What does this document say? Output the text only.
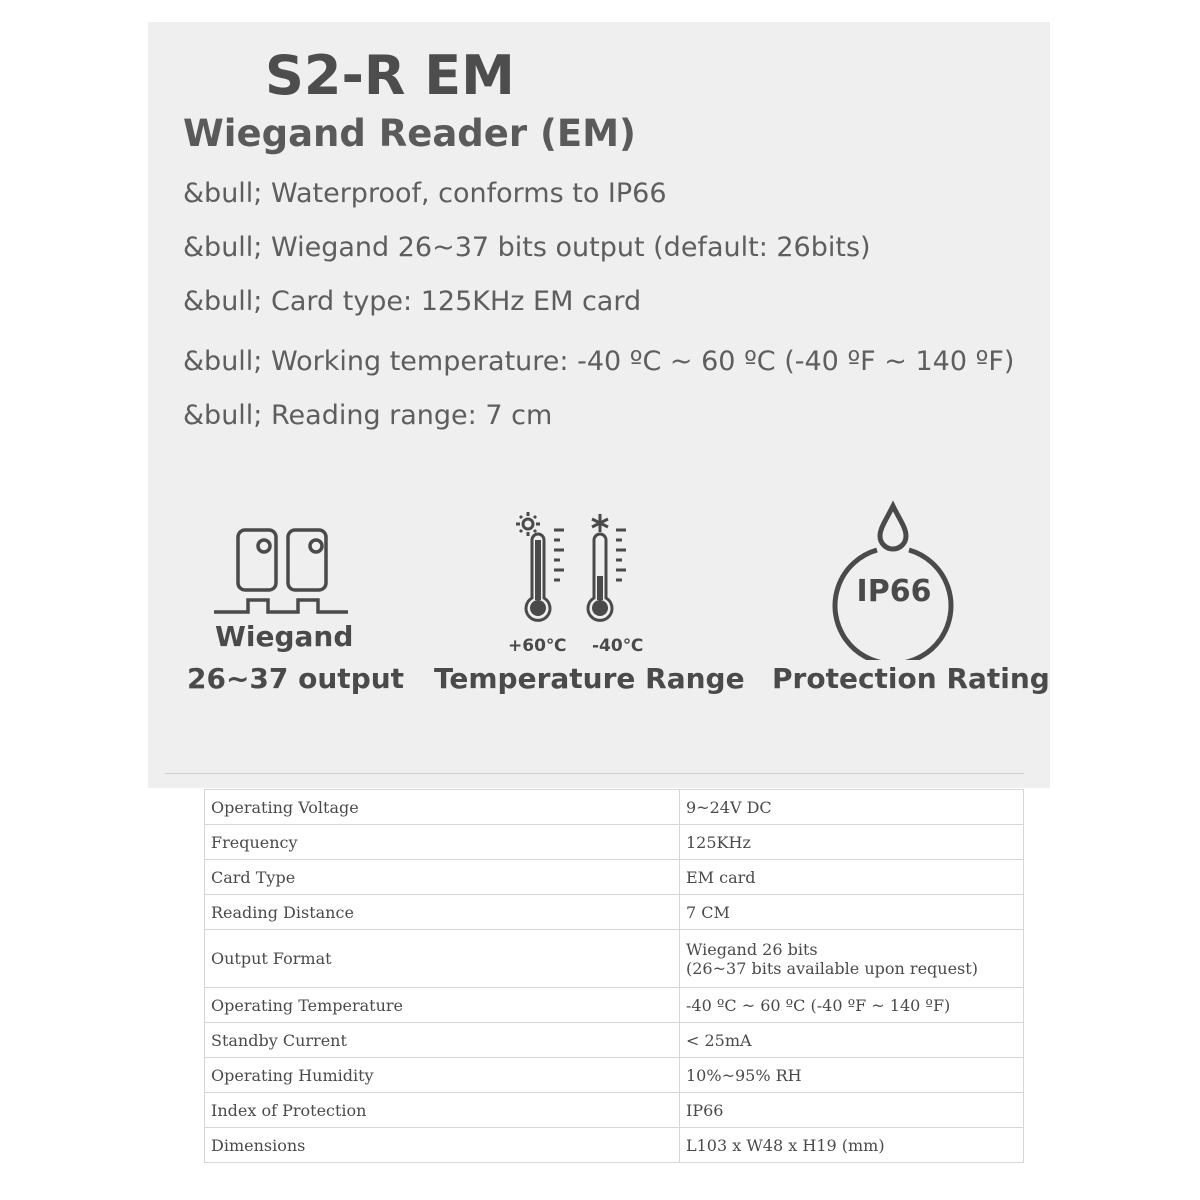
S2-R EM
Wiegand Reader (EM)

&bull; Waterproof, conforms to IP66

&bull; Wiegand 26~37 bits output (default: 26bits)

&bull; Card type: 125KHz EM card

&bull; Working temperature: -40 ºC ~ 60 ºC (-40 ºF ~ 140 ºF)

&bull; Reading range: 7 cm

Wiegand
26~37 output
+60℃ -40℃
Temperature Range
IP66
Protection Rating
Operating Voltage	9~24V DC
Frequency	125KHz
Card Type	EM card
Reading Distance	7 CM
Output Format	Wiegand 26 bits
(26~37 bits available upon request)

Operating Temperature	-40 ºC ~ 60 ºC (-40 ºF ~ 140 ºF)
Standby Current	< 25mA
Operating Humidity	10%~95% RH
Index of Protection	IP66
Dimensions	L103 x W48 x H19 (mm)
